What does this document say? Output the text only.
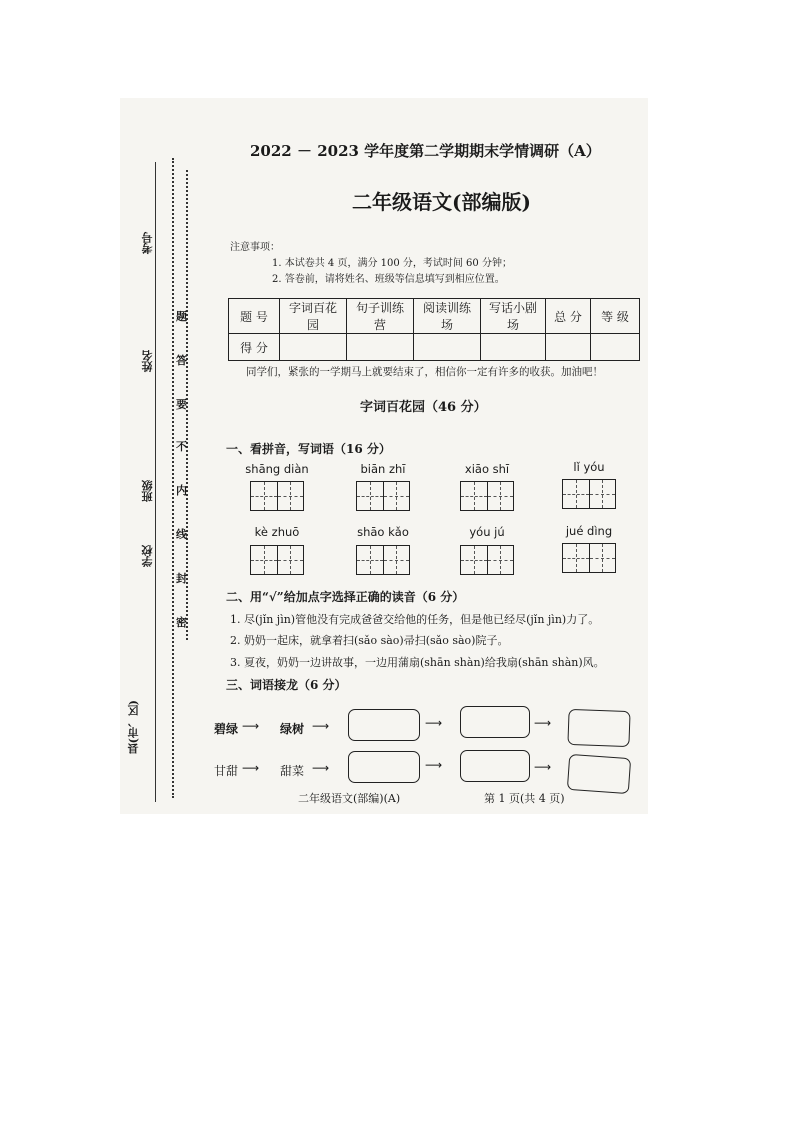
考号
姓名
班级
学校
县(市、区)
题
答
要
不
内
线
封
密
2022 － 2023 学年度第二学期期末学情调研（A）
二年级语文(部编版)
注意事项：
1. 本试卷共 4 页，满分 100 分，考试时间 60 分钟；
2. 答卷前，请将姓名、班级等信息填写到相应位置。
题 号	字词百花园	句子训练营	阅读训练场	写话小剧场	总 分	等 级
得 分						
同学们，紧张的一学期马上就要结束了，相信你一定有许多的收获。加油吧！
字词百花园（46 分）
一、看拼音，写词语（16 分）
shāng diàn	biān zhī	xiāo shī	lǐ yóu
kè zhuō	shāo kǎo	yóu jú	jué dìng
二、用“√”给加点字选择正确的读音（6 分）
1. 尽(jǐn jìn)管他没有完成爸爸交给他的任务，但是他已经尽(jǐn jìn)力了。
2. 奶奶一起床，就拿着扫(sǎo sào)帚扫(sǎo sào)院子。
3. 夏夜，奶奶一边讲故事，一边用蒲扇(shān shàn)给我扇(shān shàn)风。
三、词语接龙（6 分）
碧绿 ⟶ 绿树 ⟶	⟶	⟶
甘甜 ⟶ 甜菜 ⟶	⟶	⟶
二年级语文(部编)(A)	第 1 页(共 4 页)
